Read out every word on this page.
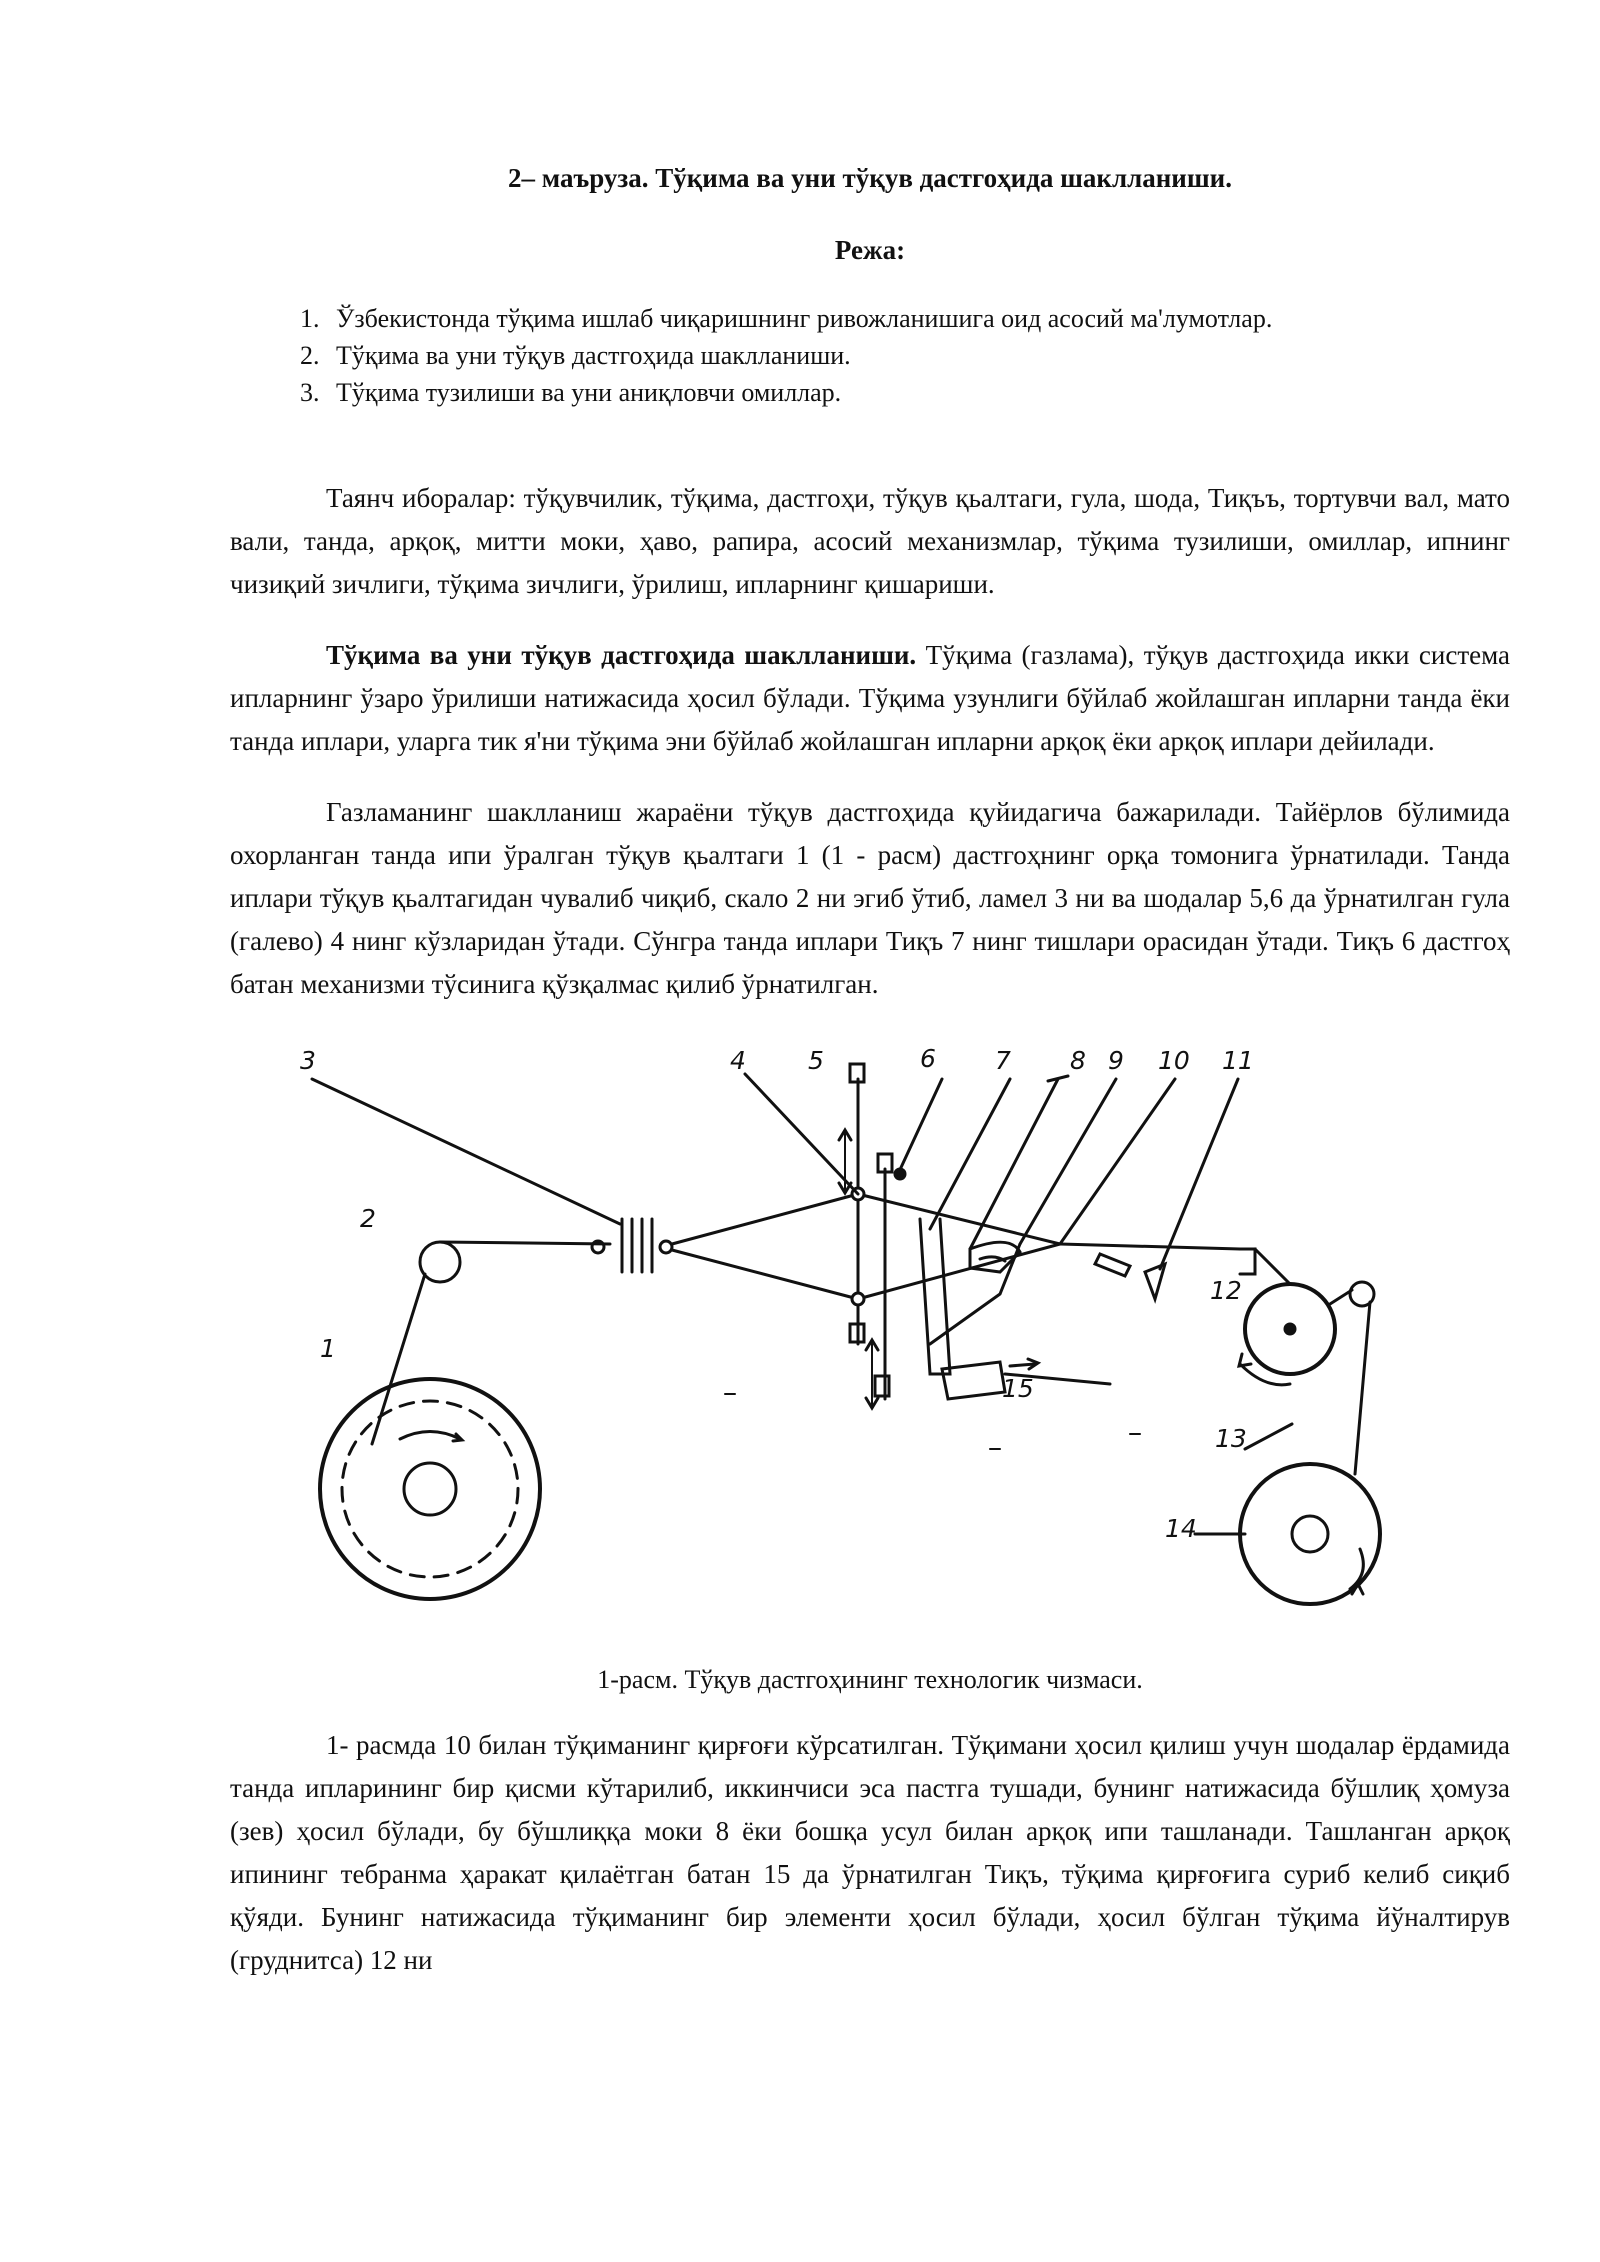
2– маъруза. Тўқима ва уни тўқув дастгоҳида шаклланиши.

Режа:

1. Ўзбекистонда тўқима ишлаб чиқаришнинг ривожланишига оид асосий ма'лумотлар.
2. Тўқима ва уни тўқув дастгоҳида шаклланиши.
3. Тўқима тузилиши ва уни аниқловчи омиллар.

Таянч иборалар: тўқувчилик, тўқима, дастгоҳи, тўқув қьалтаги, гула, шода, Тиқъъ, тортувчи вал, мато вали, танда, арқоқ, митти моки, ҳаво, рапира, асосий механизмлар, тўқима тузилиши, омиллар, ипнинг чизиқий зичлиги, тўқима зичлиги, ўрилиш, ипларнинг қишариши.

Тўқима ва уни тўқув дастгоҳида шаклланиши. Тўқима (газлама), тўқув дастгоҳида икки система ипларнинг ўзаро ўрилиши натижасида ҳосил бўлади. Тўқима узунлиги бўйлаб жойлашган ипларни танда ёки танда иплари, уларга тик я'ни тўқима эни бўйлаб жойлашган ипларни арқоқ ёки арқоқ иплари дейилади.

Газламанинг шаклланиш жараёни тўқув дастгоҳида қуйидагича бажарилади. Тайёрлов бўлимида охорланган танда ипи ўралган тўқув қьалтаги 1 (1 - расм) дастгоҳнинг орқа томонига ўрнатилади. Танда иплари тўқув қьалтагидан чувалиб чиқиб, скало 2 ни эгиб ўтиб, ламел 3 ни ва шодалар 5,6 да ўрнатилган гула (галево) 4 нинг кўзларидан ўтади. Сўнгра танда иплари Тиқъ 7 нинг тишлари орасидан ўтади. Тиқъ 6 дастгоҳ батан механизми тўсинига қўзқалмас қилиб ўрнатилган.

3	4 5	6 7 8 9 10 11
2
12
1
15
13
14

1-расм. Тўқув дастгоҳининг технологик чизмаси.

1- расмда 10 билан тўқиманинг қирғоғи кўрсатилган. Тўқимани ҳосил қилиш учун шодалар ёрдамида танда ипларининг бир қисми кўтарилиб, иккинчиси эса пастга тушади, бунинг натижасида бўшлиқ ҳомуза (зев) ҳосил бўлади, бу бўшлиққа моки 8 ёки бошқа усул билан арқоқ ипи ташланади. Ташланган арқоқ ипининг тебранма ҳаракат қилаётган батан 15 да ўрнатилган Тиқъ, тўқима қирғоғига суриб келиб сиқиб қўяди. Бунинг натижасида тўқиманинг бир элементи ҳосил бўлади, ҳосил бўлган тўқима йўналтирув (груднитса) 12 ни
